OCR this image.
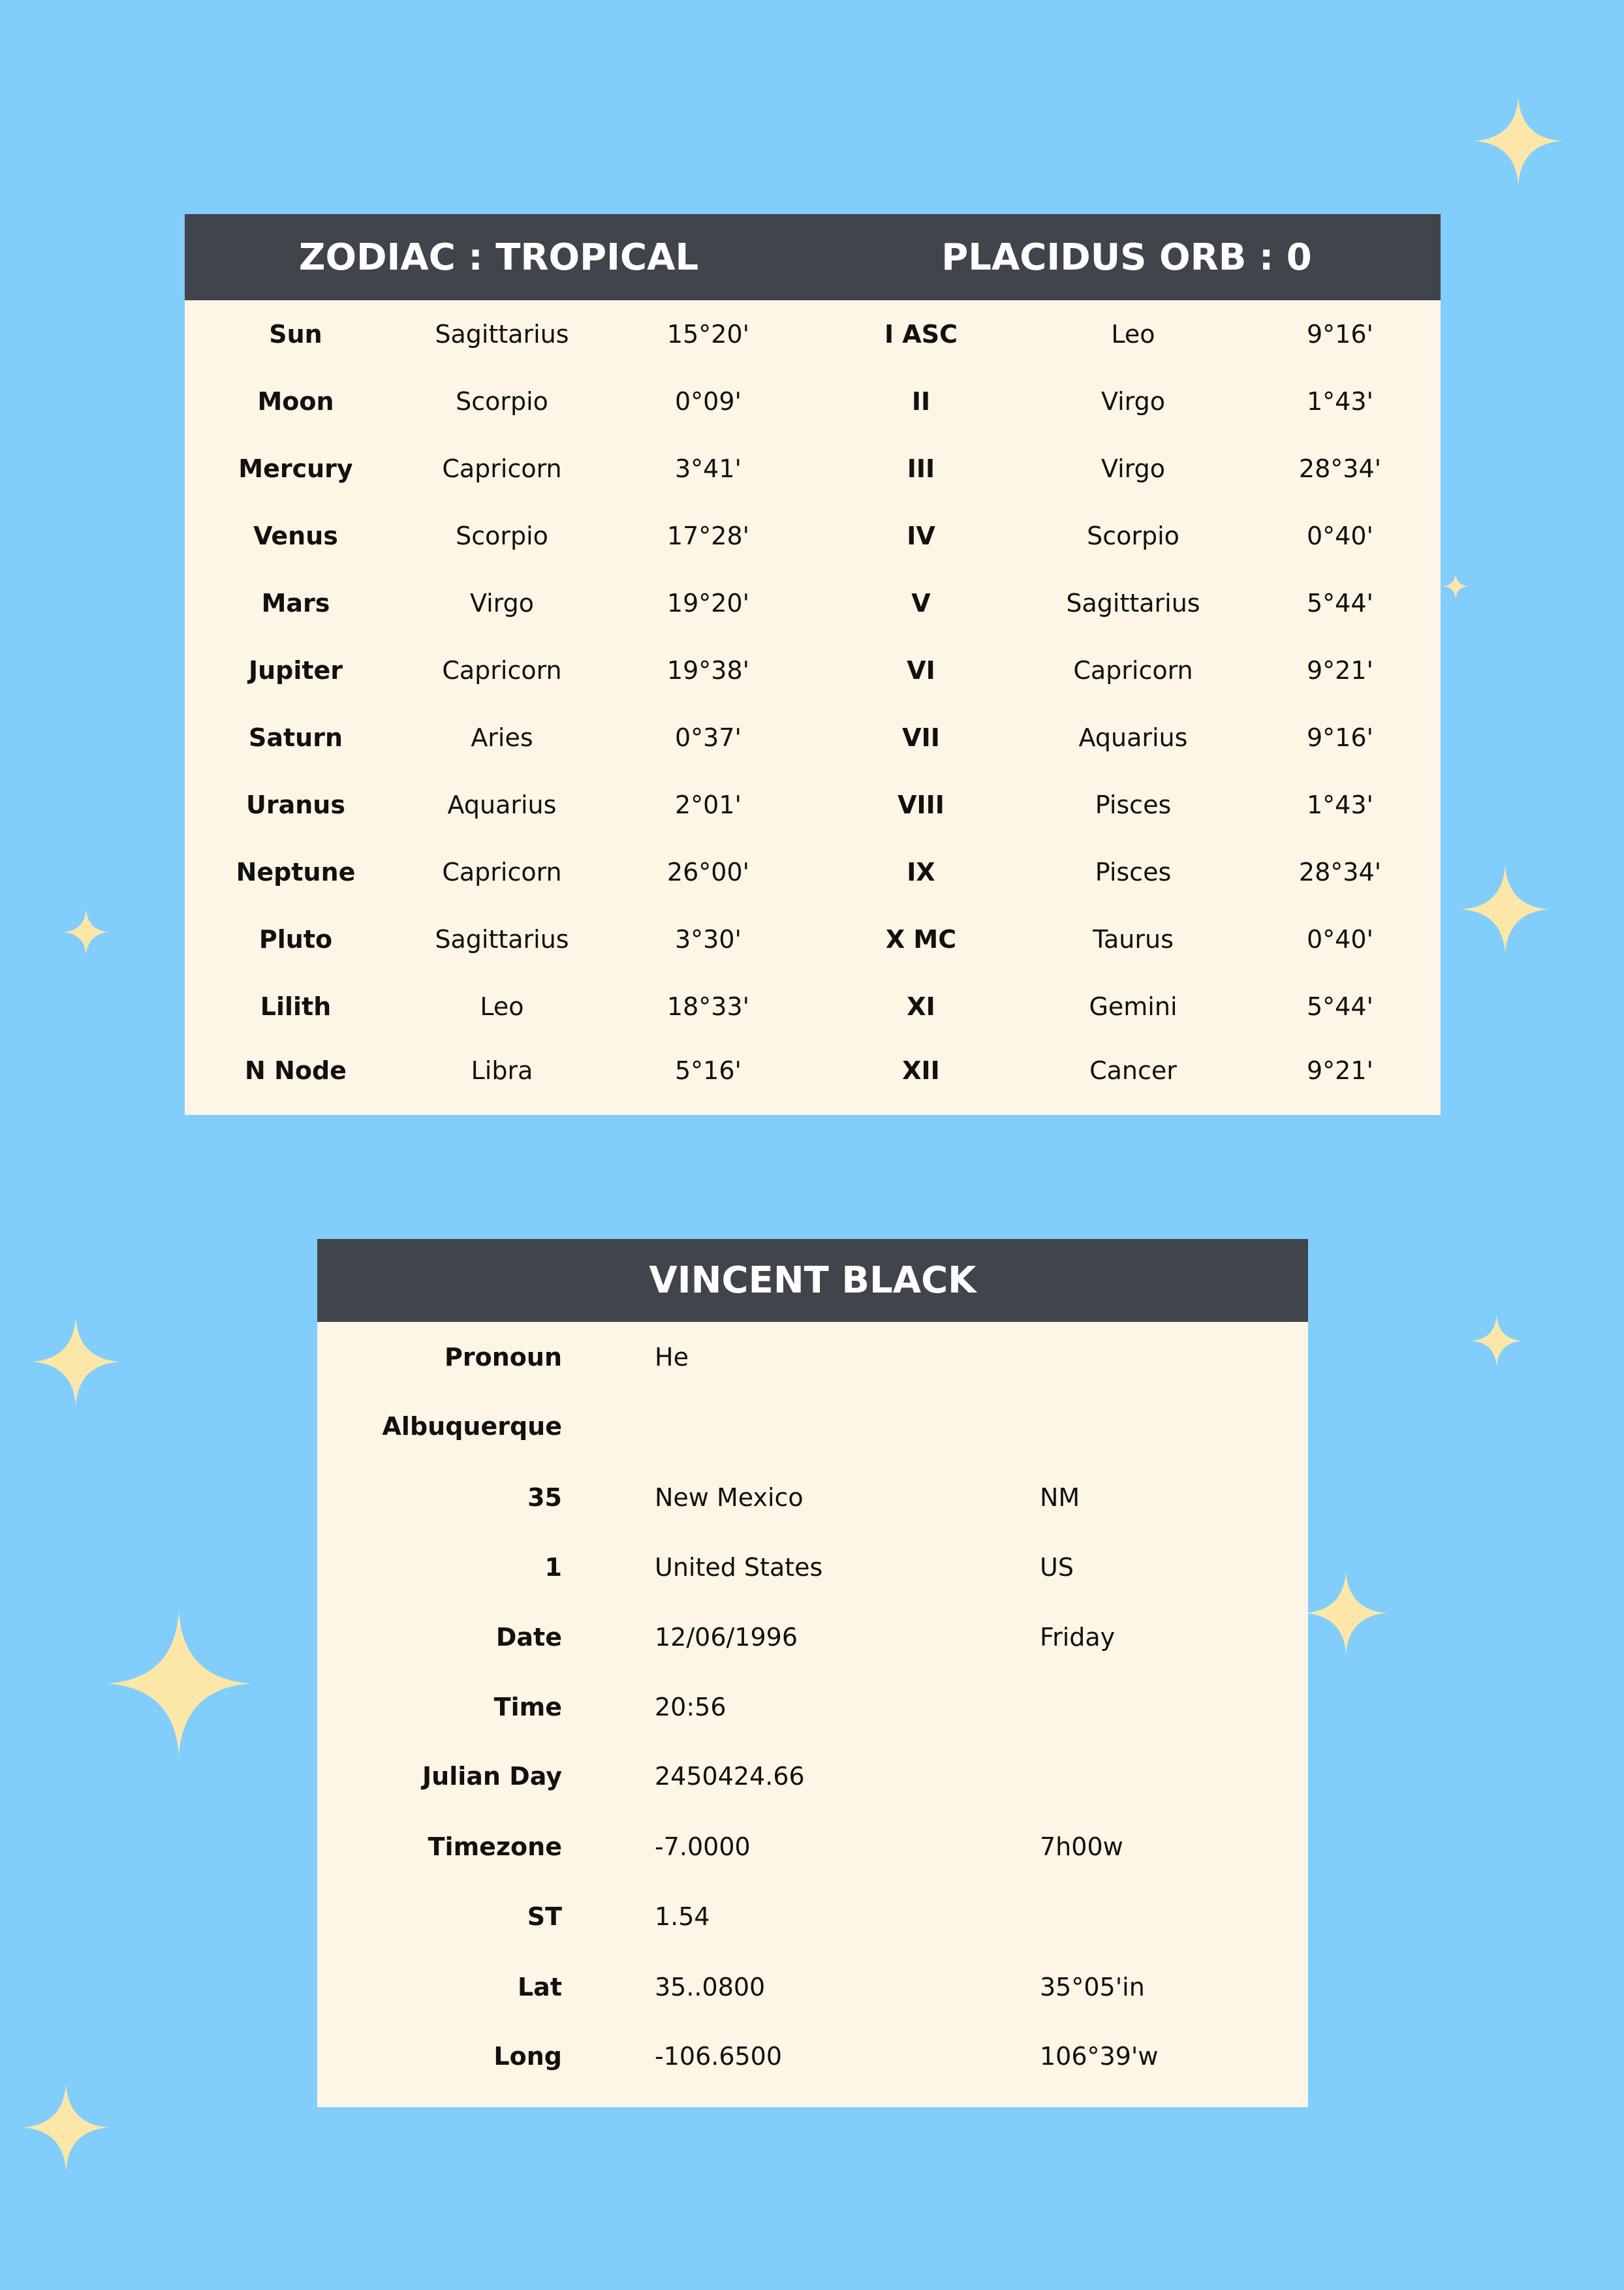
ZODIAC : TROPICAL	PLACIDUS ORB : 0
Sun	Sagittarius	15°20'	I ASC	Leo	9°16'
Moon	Scorpio	0°09'	II	Virgo	1°43'
Mercury	Capricorn	3°41'	III	Virgo	28°34'
Venus	Scorpio	17°28'	IV	Scorpio	0°40'
Mars	Virgo	19°20'	V	Sagittarius	5°44'
Jupiter	Capricorn	19°38'	VI	Capricorn	9°21'
Saturn	Aries	0°37'	VII	Aquarius	9°16'
Uranus	Aquarius	2°01'	VIII	Pisces	1°43'
Neptune	Capricorn	26°00'	IX	Pisces	28°34'
Pluto	Sagittarius	3°30'	X MC	Taurus	0°40'
Lilith	Leo	18°33'	XI	Gemini	5°44'
N Node	Libra	5°16'	XII	Cancer	9°21'
VINCENT BLACK
Pronoun	He
Albuquerque
35	New Mexico	NM
1	United States	US
Date	12/06/1996	Friday
Time	20:56
Julian Day	2450424.66
Timezone	-7.0000	7h00w
ST	1.54
Lat	35..0800	35°05'in
Long	-106.6500	106°39'w
